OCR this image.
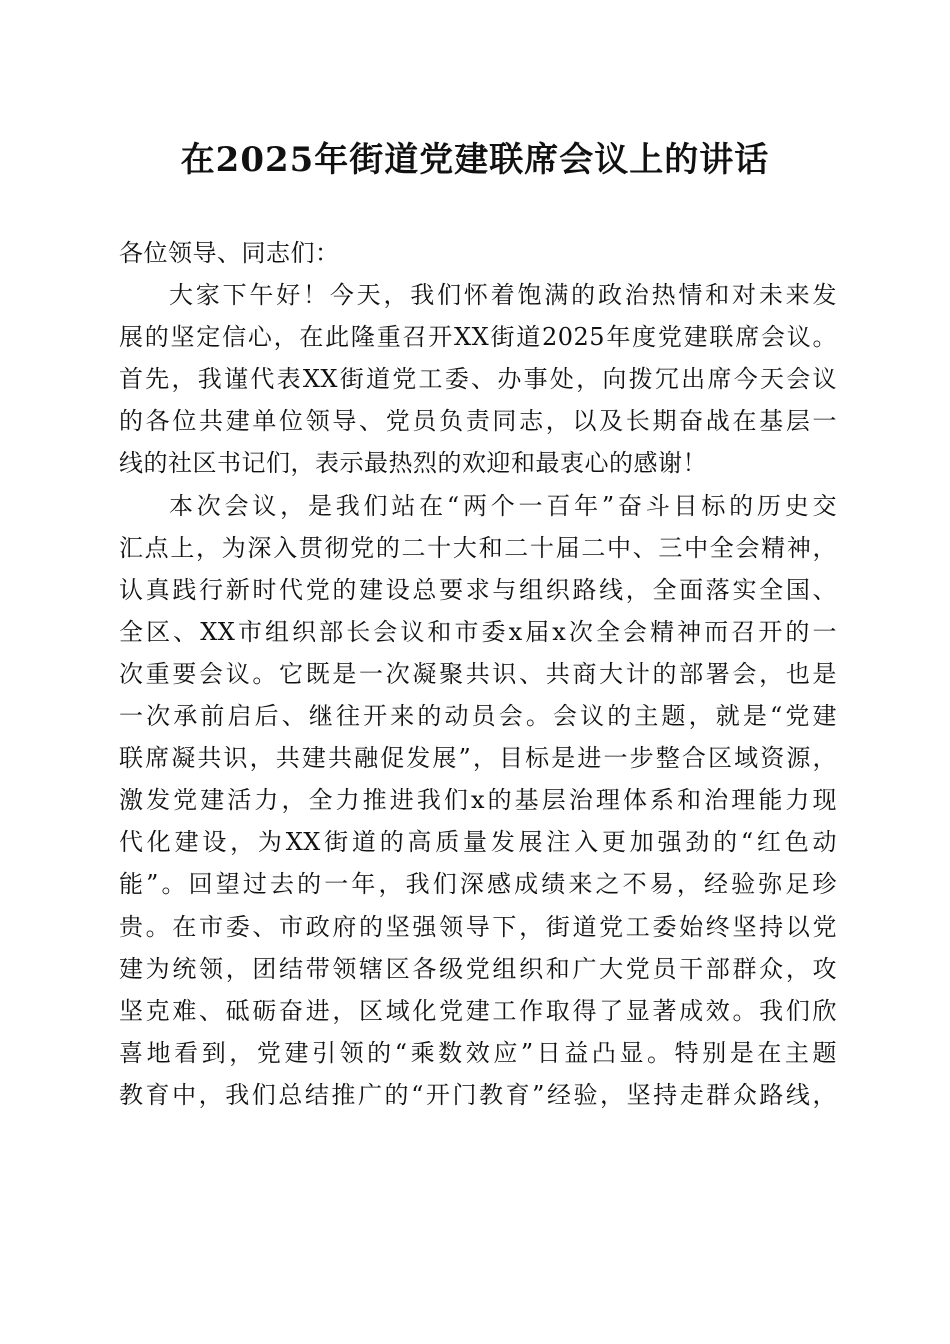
在2025年街道党建联席会议上的讲话
各位领导、同志们：
大家下午好！今天，我们怀着饱满的政治热情和对未来发
展的坚定信心，在此隆重召开XX街道2025年度党建联席会议。
首先，我谨代表XX街道党工委、办事处，向拨冗出席今天会议
的各位共建单位领导、党员负责同志，以及长期奋战在基层一
线的社区书记们，表示最热烈的欢迎和最衷心的感谢！
本次会议，是我们站在“两个一百年”奋斗目标的历史交
汇点上，为深入贯彻党的二十大和二十届二中、三中全会精神，
认真践行新时代党的建设总要求与组织路线，全面落实全国、
全区、XX市组织部长会议和市委x届x次全会精神而召开的一
次重要会议。它既是一次凝聚共识、共商大计的部署会，也是
一次承前启后、继往开来的动员会。会议的主题，就是“党建
联席凝共识，共建共融促发展”，目标是进一步整合区域资源，
激发党建活力，全力推进我们x的基层治理体系和治理能力现
代化建设，为XX街道的高质量发展注入更加强劲的“红色动
能”。回望过去的一年，我们深感成绩来之不易，经验弥足珍
贵。在市委、市政府的坚强领导下，街道党工委始终坚持以党
建为统领，团结带领辖区各级党组织和广大党员干部群众，攻
坚克难、砥砺奋进，区域化党建工作取得了显著成效。我们欣
喜地看到，党建引领的“乘数效应”日益凸显。特别是在主题
教育中，我们总结推广的“开门教育”经验，坚持走群众路线，
